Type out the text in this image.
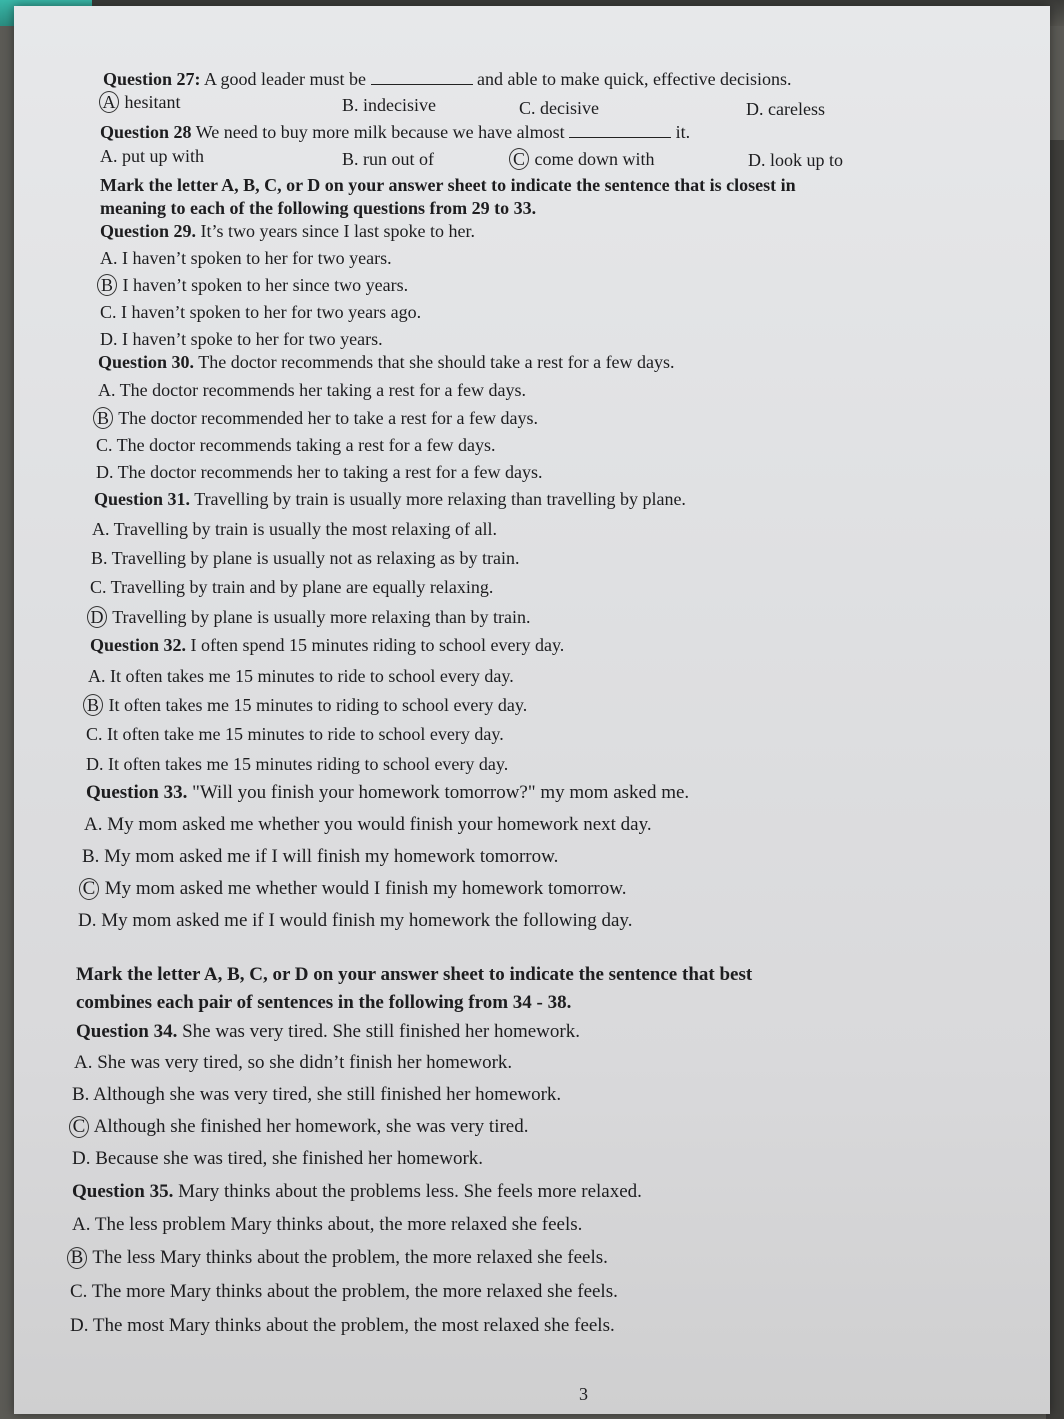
Question 27: A good leader must be	and able to make quick, effective decisions.
A hesitant	B. indecisive	C. decisive	D. careless
Question 28 We need to buy more milk because we have almost	it.
A. put up with	B. run out of	C come down with	D. look up to
Mark the letter A, B, C, or D on your answer sheet to indicate the sentence that is closest in
meaning to each of the following questions from 29 to 33.
Question 29. It’s two years since I last spoke to her.
A. I haven’t spoken to her for two years.
B I haven’t spoken to her since two years.
C. I haven’t spoken to her for two years ago.
D. I haven’t spoke to her for two years.
Question 30. The doctor recommends that she should take a rest for a few days.
A. The doctor recommends her taking a rest for a few days.
B The doctor recommended her to take a rest for a few days.
C. The doctor recommends taking a rest for a few days.
D. The doctor recommends her to taking a rest for a few days.
Question 31. Travelling by train is usually more relaxing than travelling by plane.
A. Travelling by train is usually the most relaxing of all.
B. Travelling by plane is usually not as relaxing as by train.
C. Travelling by train and by plane are equally relaxing.
D Travelling by plane is usually more relaxing than by train.
Question 32. I often spend 15 minutes riding to school every day.
A. It often takes me 15 minutes to ride to school every day.
B It often takes me 15 minutes to riding to school every day.
C. It often take me 15 minutes to ride to school every day.
D. It often takes me 15 minutes riding to school every day.
Question 33. "Will you finish your homework tomorrow?" my mom asked me.
A. My mom asked me whether you would finish your homework next day.
B. My mom asked me if I will finish my homework tomorrow.
C My mom asked me whether would I finish my homework tomorrow.
D. My mom asked me if I would finish my homework the following day.
Mark the letter A, B, C, or D on your answer sheet to indicate the sentence that best
combines each pair of sentences in the following from 34 - 38.
Question 34. She was very tired. She still finished her homework.
A. She was very tired, so she didn’t finish her homework.
B. Although she was very tired, she still finished her homework.
C Although she finished her homework, she was very tired.
D. Because she was tired, she finished her homework.
Question 35. Mary thinks about the problems less. She feels more relaxed.
A. The less problem Mary thinks about, the more relaxed she feels.
B The less Mary thinks about the problem, the more relaxed she feels.
C. The more Mary thinks about the problem, the more relaxed she feels.
D. The most Mary thinks about the problem, the most relaxed she feels.
3
